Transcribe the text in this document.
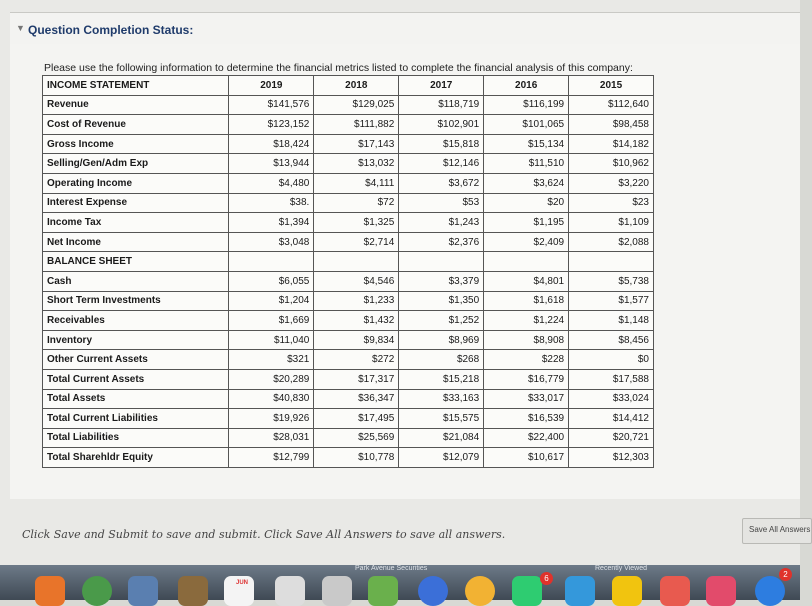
▼ Question Completion Status:
Please use the following information to determine the financial metrics listed to complete the financial analysis of this company:
INCOME STATEMENT	2019	2018	2017	2016	2015
Revenue	$141,576	$129,025	$118,719	$116,199	$112,640
Cost of Revenue	$123,152	$111,882	$102,901	$101,065	$98,458
Gross Income	$18,424	$17,143	$15,818	$15,134	$14,182
Selling/Gen/Adm Exp	$13,944	$13,032	$12,146	$11,510	$10,962
Operating Income	$4,480	$4,111	$3,672	$3,624	$3,220
Interest Expense	$38.	$72	$53	$20	$23
Income Tax	$1,394	$1,325	$1,243	$1,195	$1,109
Net Income	$3,048	$2,714	$2,376	$2,409	$2,088
BALANCE SHEET					
Cash	$6,055	$4,546	$3,379	$4,801	$5,738
Short Term Investments	$1,204	$1,233	$1,350	$1,618	$1,577
Receivables	$1,669	$1,432	$1,252	$1,224	$1,148
Inventory	$11,040	$9,834	$8,969	$8,908	$8,456
Other Current Assets	$321	$272	$268	$228	$0
Total Current Assets	$20,289	$17,317	$15,218	$16,779	$17,588
Total Assets	$40,830	$36,347	$33,163	$33,017	$33,024
Total Current Liabilities	$19,926	$17,495	$15,575	$16,539	$14,412
Total Liabilities	$28,031	$25,569	$21,084	$22,400	$20,721
Total Sharehldr Equity	$12,799	$10,778	$12,079	$10,617	$12,303
Click Save and Submit to save and submit. Click Save All Answers to save all answers.	Save All Answers
Park Avenue Securities	Recently Viewed
JUN	6	2
